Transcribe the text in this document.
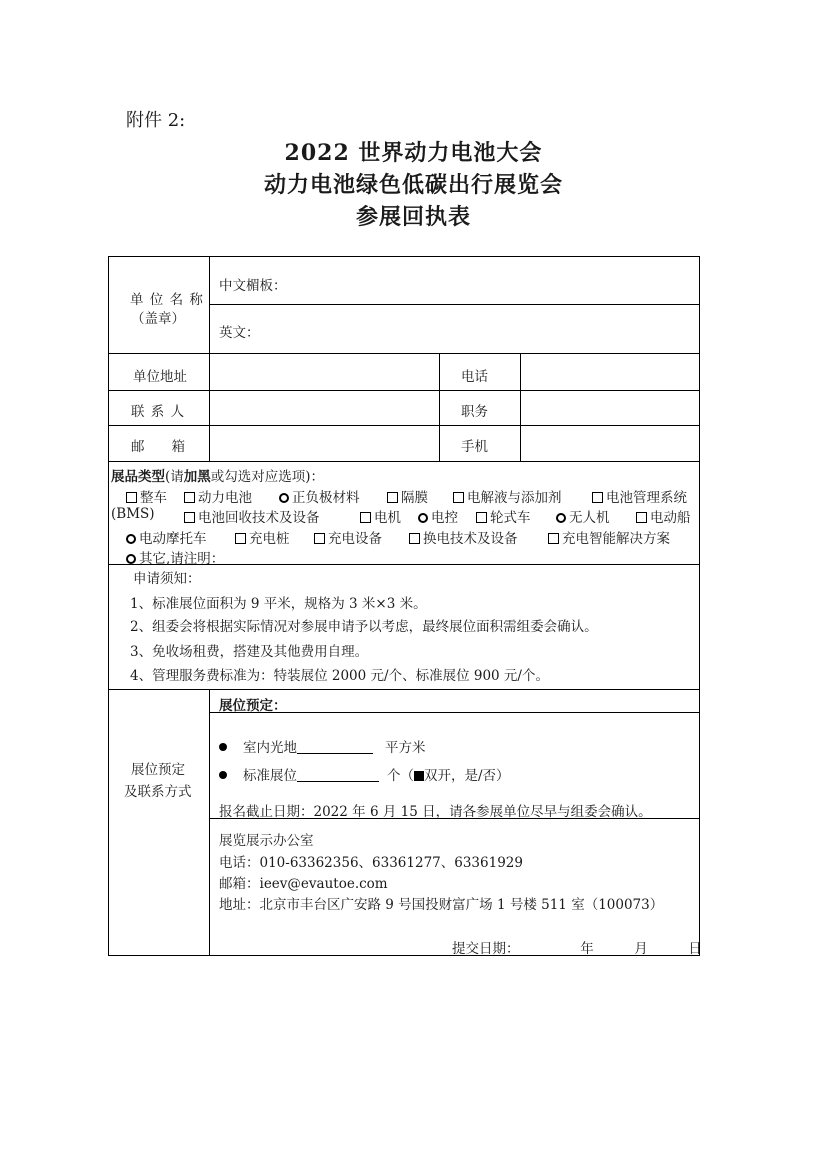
附件 2:
2022 世界动力电池大会
动力电池绿色低碳出行展览会
参展回执表
单 位 名 称
（盖章）
中文楣板：
英文：
单位地址	电话
联 系 人	职务
邮　　箱	手机
展品类型(请加黑或勾选对应选项)：
整车	动力电池	正负极材料	隔膜	电解液与添加剂	电池管理系统
(BMS)	电池回收技术及设备	电机	电控	轮式车	无人机	电动船
电动摩托车	充电桩	充电设备	换电技术及设备	充电智能解决方案
其它,请注明：
申请须知：
1、标准展位面积为 9 平米，规格为 3 米×3 米。
2、组委会将根据实际情况对参展申请予以考虑，最终展位面积需组委会确认。
3、免收场租费，搭建及其他费用自理。
4、管理服务费标准为：特装展位 2000 元/个、标准展位 900 元/个。
展位预定
及联系方式
展位预定：
室内光地	平方米
标准展位	个（ 双开，是/否）
报名截止日期：2022 年 6 月 15 日，请各参展单位尽早与组委会确认。
展览展示办公室
电话：010-63362356、63361277、63361929
邮箱：ieev@evautoe.com
地址：北京市丰台区广安路 9 号国投财富广场 1 号楼 511 室（100073）
提交日期：　　　　　年　　　月　　　日
